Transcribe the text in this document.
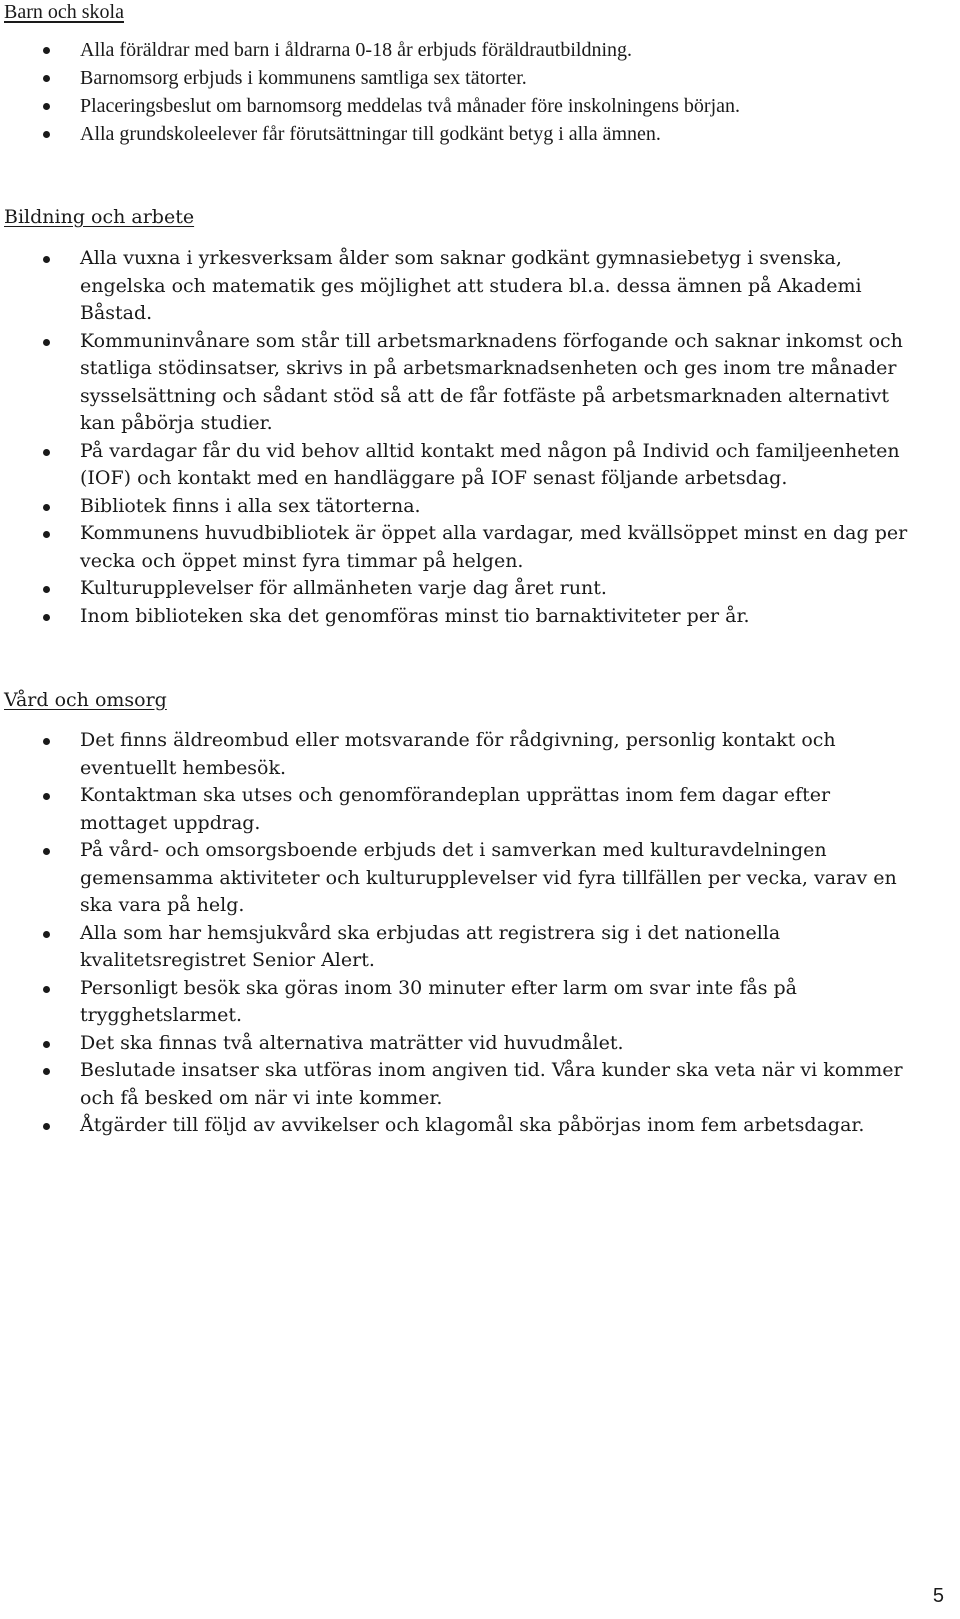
Barn och skola
Alla föräldrar med barn i åldrarna 0-18 år erbjuds föräldrautbildning.
Barnomsorg erbjuds i kommunens samtliga sex tätorter.
Placeringsbeslut om barnomsorg meddelas två månader före inskolningens början.
Alla grundskoleelever får förutsättningar till godkänt betyg i alla ämnen.
Bildning och arbete
Alla vuxna i yrkesverksam ålder som saknar godkänt gymnasiebetyg i svenska, engelska och matematik ges möjlighet att studera bl.a. dessa ämnen på Akademi Båstad.
Kommuninvånare som står till arbetsmarknadens förfogande och saknar inkomst och statliga stödinsatser, skrivs in på arbetsmarknadsenheten och ges inom tre månader sysselsättning och sådant stöd så att de får fotfäste på arbetsmarknaden alternativt kan påbörja studier.
På vardagar får du vid behov alltid kontakt med någon på Individ och familjeenheten (IOF) och kontakt med en handläggare på IOF senast följande arbetsdag.
Bibliotek finns i alla sex tätorterna.
Kommunens huvudbibliotek är öppet alla vardagar, med kvällsöppet minst en dag per vecka och öppet minst fyra timmar på helgen.
Kulturupplevelser för allmänheten varje dag året runt.
Inom biblioteken ska det genomföras minst tio barnaktiviteter per år.
Vård och omsorg
Det finns äldreombud eller motsvarande för rådgivning, personlig kontakt och eventuellt hembesök.
Kontaktman ska utses och genomförandeplan upprättas inom fem dagar efter mottaget uppdrag.
På vård- och omsorgsboende erbjuds det i samverkan med kulturavdelningen gemensamma aktiviteter och kulturupplevelser vid fyra tillfällen per vecka, varav en ska vara på helg.
Alla som har hemsjukvård ska erbjudas att registrera sig i det nationella kvalitetsregistret Senior Alert.
Personligt besök ska göras inom 30 minuter efter larm om svar inte fås på trygghetslarmet.
Det ska finnas två alternativa maträtter vid huvudmålet.
Beslutade insatser ska utföras inom angiven tid. Våra kunder ska veta när vi kommer och få besked om när vi inte kommer.
Åtgärder till följd av avvikelser och klagomål ska påbörjas inom fem arbetsdagar.
5
